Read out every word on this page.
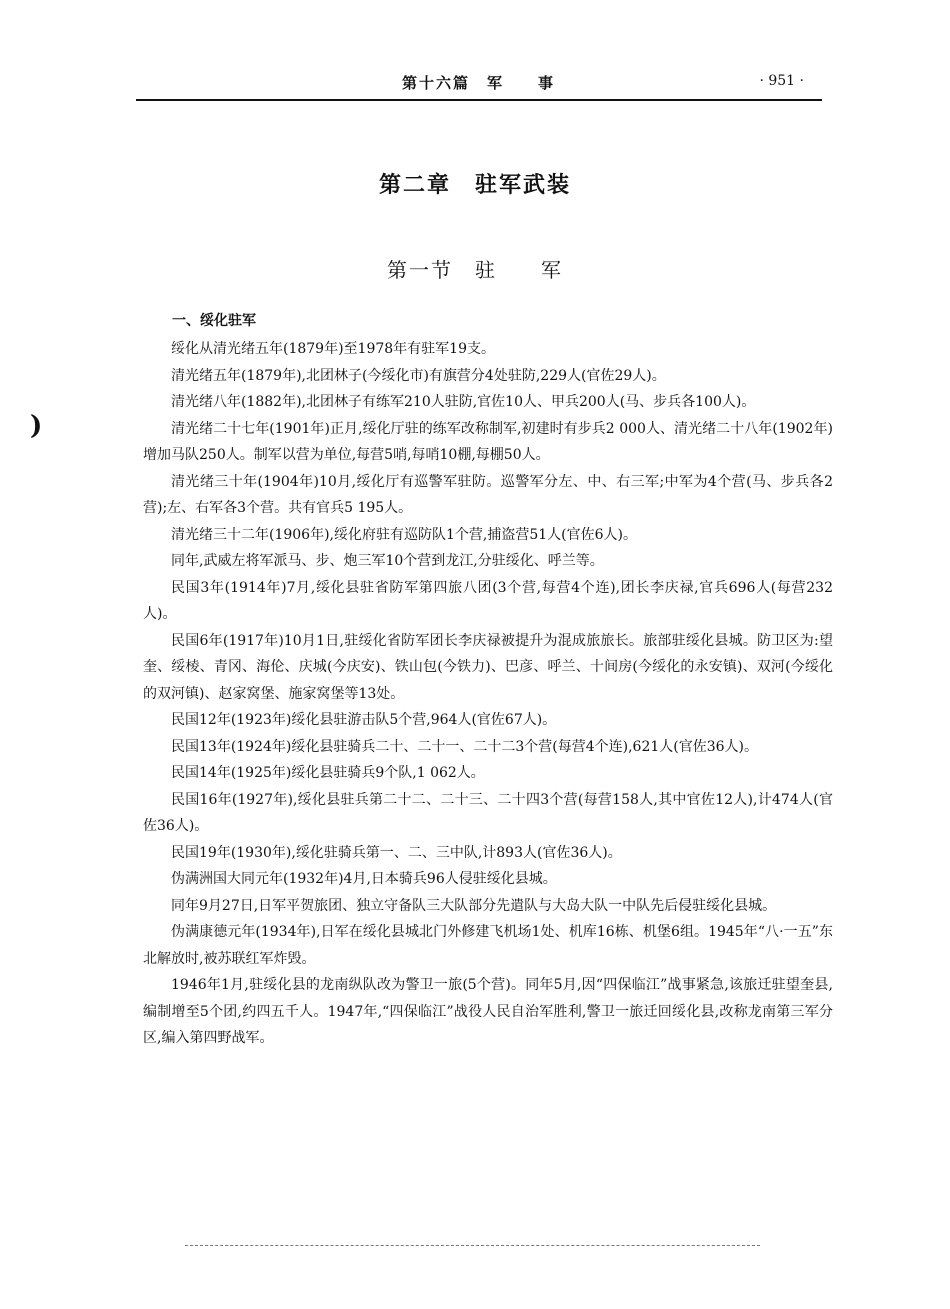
第十六篇　军　　事	· 951 ·
第二章　驻军武装
第一节　驻　　军
一、绥化驻军
)

绥化从清光绪五年(1879年)至1978年有驻军19支。

清光绪五年(1879年),北团林子(今绥化市)有旗营分4处驻防,229人(官佐29人)。

清光绪八年(1882年),北团林子有练军210人驻防,官佐10人、甲兵200人(马、步兵各100人)。

清光绪二十七年(1901年)正月,绥化厅驻的练军改称制军,初建时有步兵2 000人、清光绪二十八年(1902年)增加马队250人。制军以营为单位,每营5哨,每哨10棚,每棚50人。

清光绪三十年(1904年)10月,绥化厅有巡警军驻防。巡警军分左、中、右三军;中军为4个营(马、步兵各2营);左、右军各3个营。共有官兵5 195人。

清光绪三十二年(1906年),绥化府驻有巡防队1个营,捕盗营51人(官佐6人)。

同年,武威左将军派马、步、炮三军10个营到龙江,分驻绥化、呼兰等。

民国3年(1914年)7月,绥化县驻省防军第四旅八团(3个营,每营4个连),团长李庆禄,官兵696人(每营232人)。

民国6年(1917年)10月1日,驻绥化省防军团长李庆禄被提升为混成旅旅长。旅部驻绥化县城。防卫区为:望奎、绥棱、青冈、海伦、庆城(今庆安)、铁山包(今铁力)、巴彦、呼兰、十间房(今绥化的永安镇)、双河(今绥化的双河镇)、赵家窝堡、施家窝堡等13处。

民国12年(1923年)绥化县驻游击队5个营,964人(官佐67人)。

民国13年(1924年)绥化县驻骑兵二十、二十一、二十二3个营(每营4个连),621人(官佐36人)。

民国14年(1925年)绥化县驻骑兵9个队,1 062人。

民国16年(1927年),绥化县驻兵第二十二、二十三、二十四3个营(每营158人,其中官佐12人),计474人(官佐36人)。

民国19年(1930年),绥化驻骑兵第一、二、三中队,计893人(官佐36人)。

伪满洲国大同元年(1932年)4月,日本骑兵96人侵驻绥化县城。

同年9月27日,日军平贺旅团、独立守备队三大队部分先遣队与大岛大队一中队先后侵驻绥化县城。

伪满康德元年(1934年),日军在绥化县城北门外修建飞机场1处、机库16栋、机堡6组。1945年“八·一五”东北解放时,被苏联红军炸毁。

1946年1月,驻绥化县的龙南纵队改为警卫一旅(5个营)。同年5月,因“四保临江”战事紧急,该旅迁驻望奎县,编制增至5个团,约四五千人。1947年,“四保临江”战役人民自治军胜利,警卫一旅迁回绥化县,改称龙南第三军分区,编入第四野战军。
